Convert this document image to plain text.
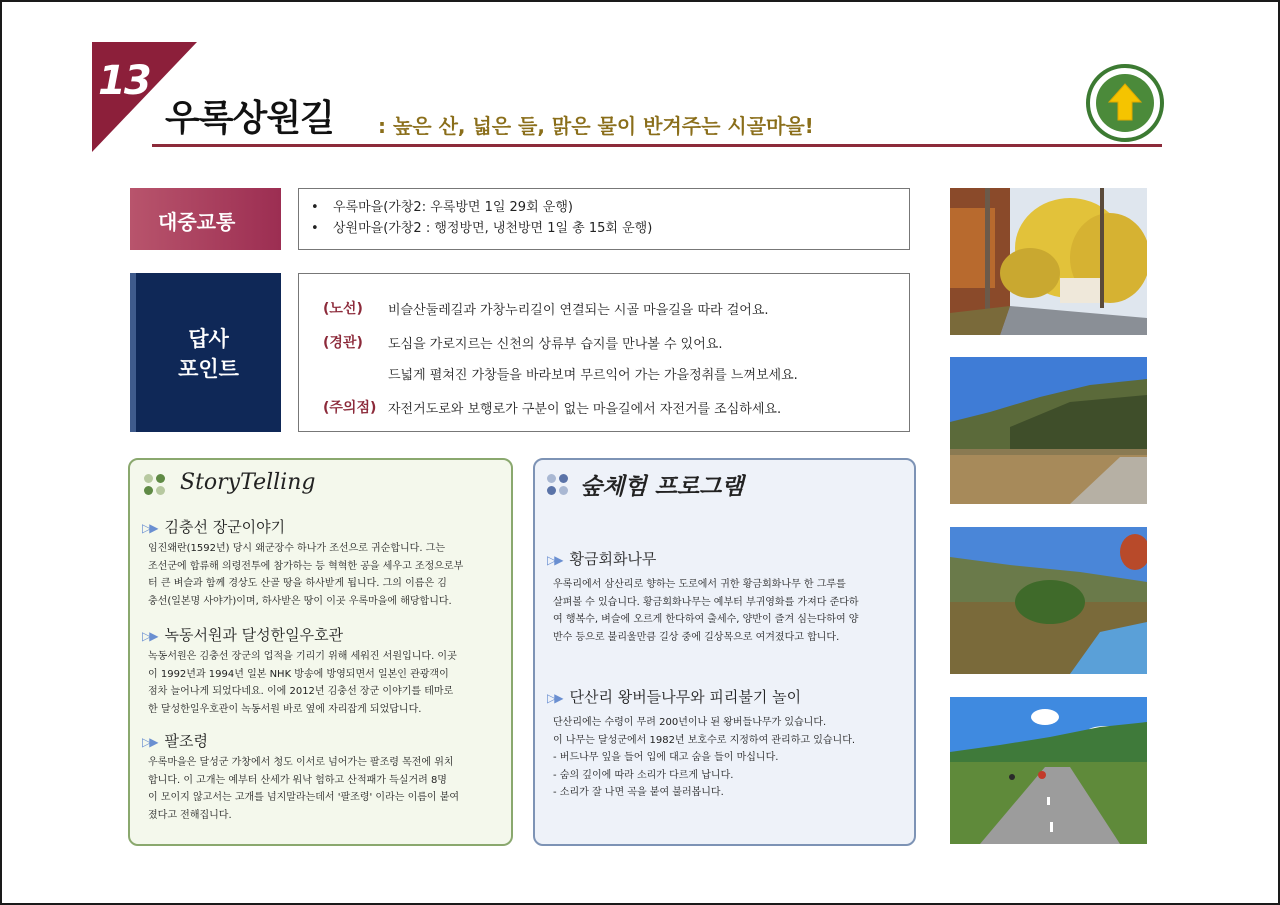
13
우록상원길 : 높은 산, 넓은 들, 맑은 물이 반겨주는 시골마을!
대중교통
• 우록마을(가창2: 우록방면 1일 29회 운행)
• 상원마을(가창2 : 행정방면, 냉천방면 1일 총 15회 운행)
답사
포인트
(노선) 비슬산둘레길과 가창누리길이 연결되는 시골 마을길을 따라 걸어요.
(경관) 도심을 가로지르는 신천의 상류부 습지를 만나볼 수 있어요.
드넓게 펼쳐진 가창들을 바라보며 무르익어 가는 가을정취를 느껴보세요.
(주의점) 자전거도로와 보행로가 구분이 없는 마을길에서 자전거를 조심하세요.
StoryTelling
▷▶ 김충선 장군이야기
임진왜란(1592년) 당시 왜군장수 하나가 조선으로 귀순합니다. 그는
조선군에 합류해 의령전투에 참가하는 등 혁혁한 공을 세우고 조정으로부
터 큰 벼슬과 함께 경상도 산골 땅을 하사받게 됩니다. 그의 이름은 김
충선(일본명 사야가)이며, 하사받은 땅이 이곳 우록마을에 해당합니다.
▷▶ 녹동서원과 달성한일우호관
녹동서원은 김충선 장군의 업적을 기리기 위해 세워진 서원입니다. 이곳
이 1992년과 1994년 일본 NHK 방송에 방영되면서 일본인 관광객이
점차 늘어나게 되었다네요. 이에 2012년 김충선 장군 이야기를 테마로
한 달성한일우호관이 녹동서원 바로 옆에 자리잡게 되었답니다.
▷▶ 팔조령
우록마을은 달성군 가창에서 청도 이서로 넘어가는 팔조령 목전에 위치
합니다. 이 고개는 예부터 산세가 워낙 험하고 산적패가 득실거려 8명
이 모이지 않고서는 고개를 넘지말라는데서 '팔조령' 이라는 이름이 붙여
졌다고 전해집니다.
숲체험 프로그램
▷▶ 황금회화나무
우록리에서 삼산리로 향하는 도로에서 귀한 황금회화나무 한 그루를
살펴볼 수 있습니다. 황금회화나무는 예부터 부귀영화를 가져다 준다하
여 행복수, 벼슬에 오르게 한다하여 출세수, 양반이 즐겨 심는다하여 양
반수 등으로 불리울만큼 길상 중에 길상목으로 여겨졌다고 합니다.
▷▶ 단산리 왕버들나무와 피리불기 놀이
단산리에는 수령이 무려 200년이나 된 왕버들나무가 있습니다.
이 나무는 달성군에서 1982년 보호수로 지정하여 관리하고 있습니다.
- 버드나무 잎을 들어 입에 대고 숨을 들이 마십니다.
- 숨의 깊이에 따라 소리가 다르게 납니다.
- 소리가 잘 나면 곡을 붙여 불러봅니다.
